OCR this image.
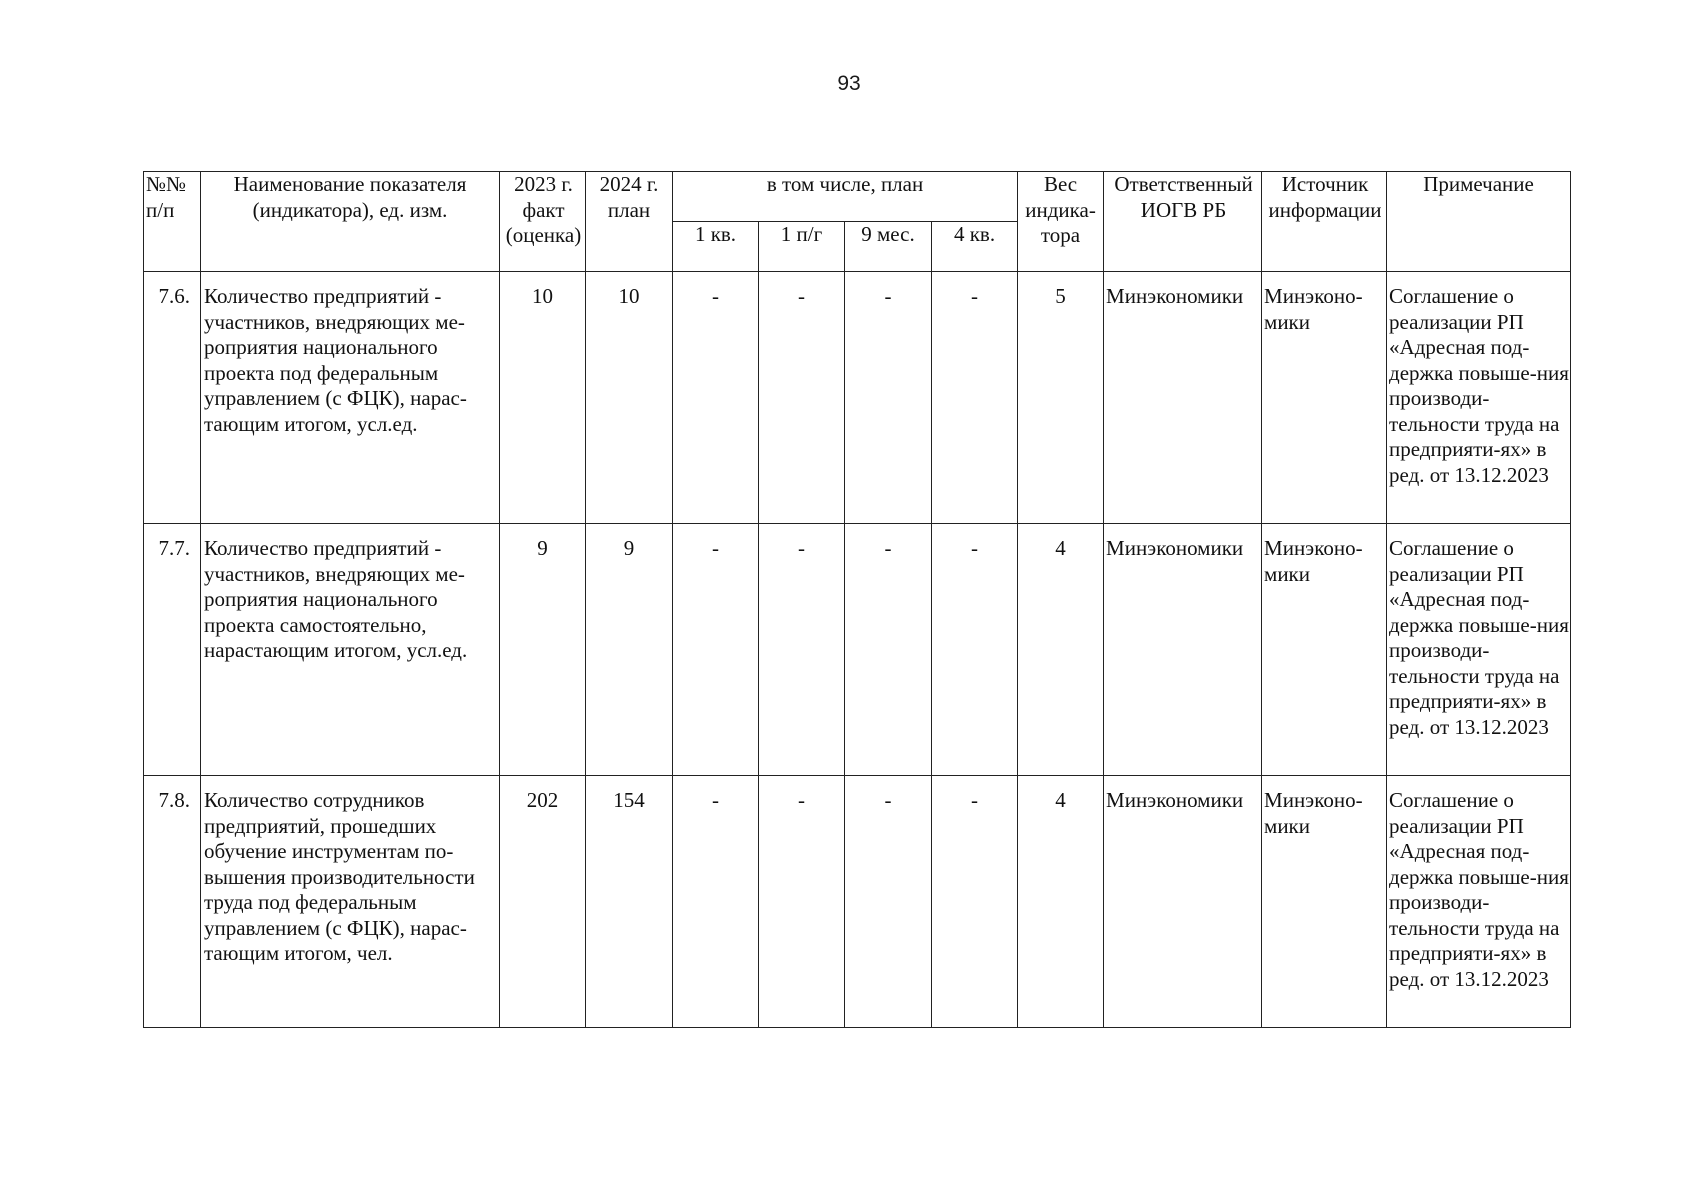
93
№№ п/п	Наименование показателя (индикатора), ед. изм.	2023 г. факт (оценка)	2024 г. план	в том числе, план				Вес индика-тора	Ответственный ИОГВ РБ	Источник информации	Примечание
				1 кв.	1 п/г	9 мес.	4 кв.				
7.6.	Количество предприятий - участников, внедряющих ме-роприятия национального проекта под федеральным управлением (с ФЦК), нарас-тающим итогом, усл.ед.	10	10	-	-	-	-	5	Минэкономики	Минэконо-мики	Соглашение о реализации РП «Адресная под-держка повыше-ния производи-тельности труда на предприяти-ях» в ред. от 13.12.2023
7.7.	Количество предприятий - участников, внедряющих ме-роприятия национального проекта самостоятельно, нарастающим итогом, усл.ед.	9	9	-	-	-	-	4	Минэкономики	Минэконо-мики	Соглашение о реализации РП «Адресная под-держка повыше-ния производи-тельности труда на предприяти-ях» в ред. от 13.12.2023
7.8.	Количество сотрудников предприятий, прошедших обучение инструментам по-вышения производительности труда под федеральным управлением (с ФЦК), нарас-тающим итогом, чел.	202	154	-	-	-	-	4	Минэкономики	Минэконо-мики	Соглашение о реализации РП «Адресная под-держка повыше-ния производи-тельности труда на предприяти-ях» в ред. от 13.12.2023
